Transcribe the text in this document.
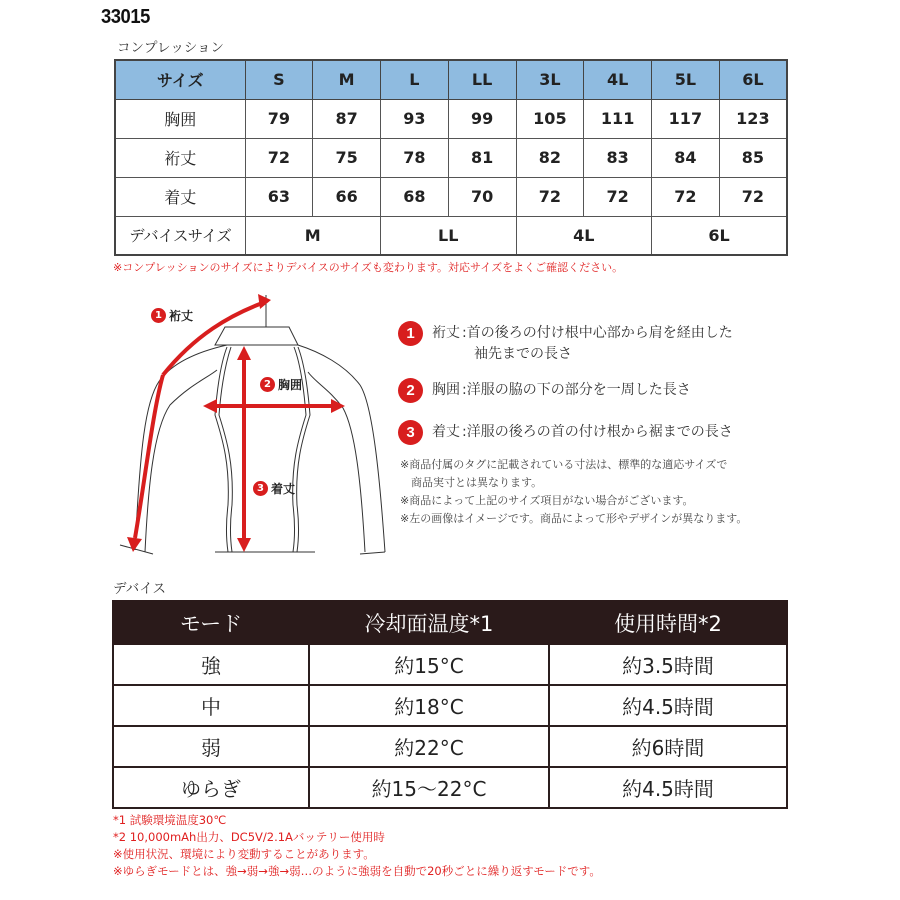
33015
コンプレッション
サイズ	S	M	L	LL	3L	4L	5L	6L
胸囲	79	87	93	99	105	111	117	123
裄丈	72	75	78	81	82	83	84	85
着丈	63	66	68	70	72	72	72	72
デバイスサイズ	M		LL		4L		6L	
※コンプレッションのサイズによりデバイスのサイズも変わります。対応サイズをよくご確認ください。
1 裄丈
2 胸囲
3 着丈
1	裄丈 :首の後ろの付け根中心部から肩を経由した
袖先までの長さ
2	胸囲 :洋服の脇の下の部分を一周した長さ
3	着丈 :洋服の後ろの首の付け根から裾までの長さ
※商品付属のタグに記載されている寸法は、標準的な適応サイズで
　商品実寸とは異なります。
※商品によって上記のサイズ項目がない場合がございます。
※左の画像はイメージです。商品によって形やデザインが異なります。
デバイス
モード	冷却面温度*1	使用時間*2
強	約15°C	約3.5時間
中	約18°C	約4.5時間
弱	約22°C	約6時間
ゆらぎ	約15〜22°C	約4.5時間
*1 試験環境温度30℃
*2 10,000mAh出力、DC5V/2.1Aバッテリー使用時
※使用状況、環境により変動することがあります。
※ゆらぎモードとは、強→弱→強→弱…のように強弱を自動で20秒ごとに繰り返すモードです。
